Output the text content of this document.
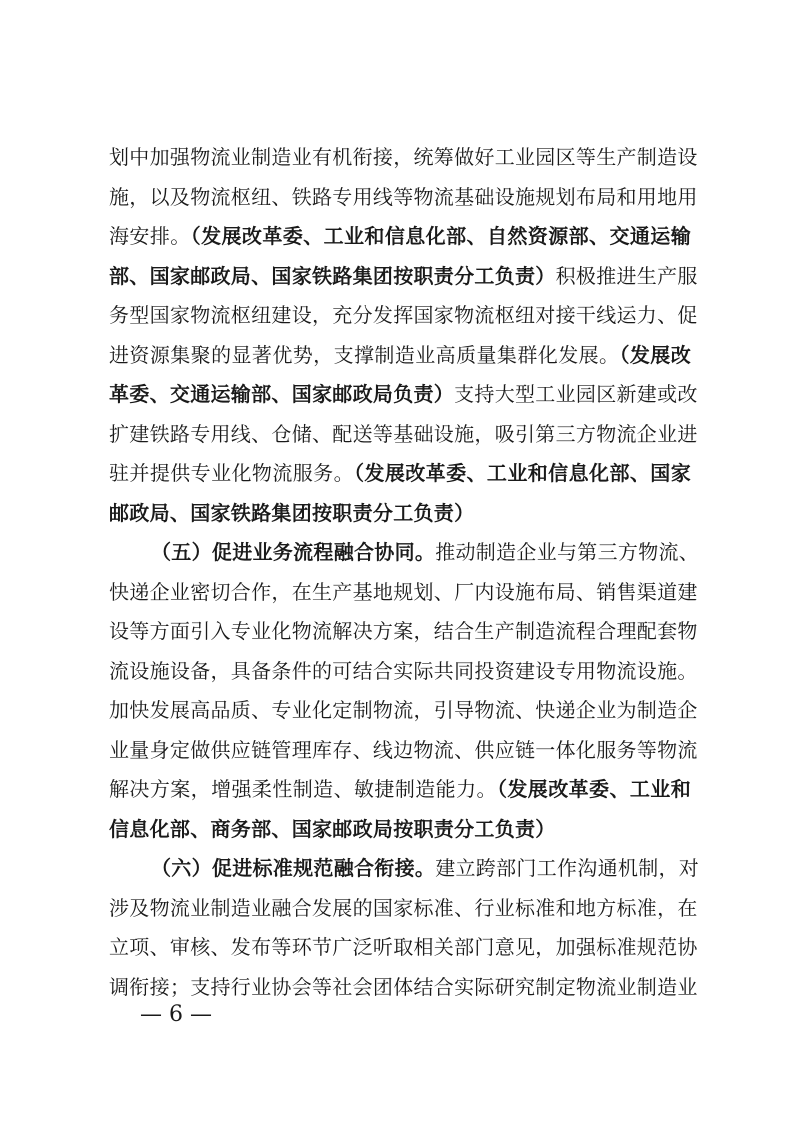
划中加强物流业制造业有机衔接，统筹做好工业园区等生产制造设
施，以及物流枢纽、铁路专用线等物流基础设施规划布局和用地用
海安排。（发展改革委、工业和信息化部、自然资源部、交通运输
部、国家邮政局、国家铁路集团按职责分工负责）积极推进生产服
务型国家物流枢纽建设，充分发挥国家物流枢纽对接干线运力、促
进资源集聚的显著优势，支撑制造业高质量集群化发展。（发展改
革委、交通运输部、国家邮政局负责）支持大型工业园区新建或改
扩建铁路专用线、仓储、配送等基础设施，吸引第三方物流企业进
驻并提供专业化物流服务。（发展改革委、工业和信息化部、国家
邮政局、国家铁路集团按职责分工负责）
（五）促进业务流程融合协同。推动制造企业与第三方物流、
快递企业密切合作，在生产基地规划、厂内设施布局、销售渠道建
设等方面引入专业化物流解决方案，结合生产制造流程合理配套物
流设施设备，具备条件的可结合实际共同投资建设专用物流设施。
加快发展高品质、专业化定制物流，引导物流、快递企业为制造企
业量身定做供应链管理库存、线边物流、供应链一体化服务等物流
解决方案，增强柔性制造、敏捷制造能力。（发展改革委、工业和
信息化部、商务部、国家邮政局按职责分工负责）
（六）促进标准规范融合衔接。建立跨部门工作沟通机制，对
涉及物流业制造业融合发展的国家标准、行业标准和地方标准，在
立项、审核、发布等环节广泛听取相关部门意见，加强标准规范协
调衔接；支持行业协会等社会团体结合实际研究制定物流业制造业
— 6 —
